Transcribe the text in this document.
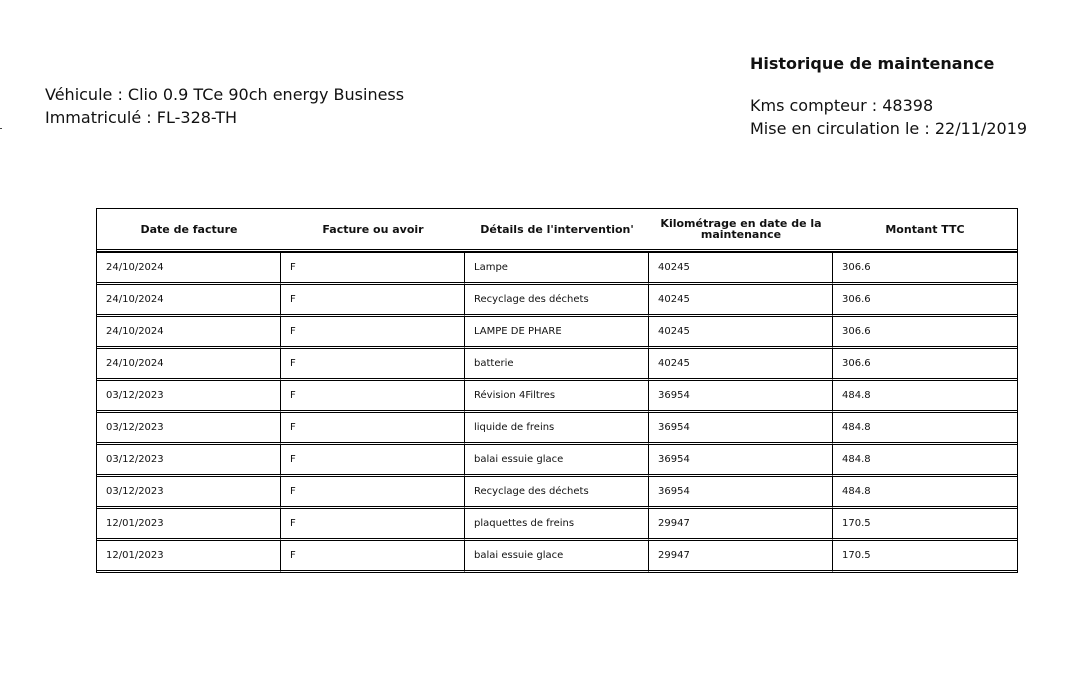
Véhicule : Clio 0.9 TCe 90ch energy Business
Immatriculé : FL-328-TH
Historique de maintenance
Kms compteur : 48398
Mise en circulation le : 22/11/2019
Date de facture	Facture ou avoir	Détails de l'intervention'	Kilométrage en date de la maintenance	Montant TTC
24/10/2024	F	Lampe	40245	306.6
24/10/2024	F	Recyclage des déchets	40245	306.6
24/10/2024	F	LAMPE DE PHARE	40245	306.6
24/10/2024	F	batterie	40245	306.6
03/12/2023	F	Révision 4Filtres	36954	484.8
03/12/2023	F	liquide de freins	36954	484.8
03/12/2023	F	balai essuie glace	36954	484.8
03/12/2023	F	Recyclage des déchets	36954	484.8
12/01/2023	F	plaquettes de freins	29947	170.5
12/01/2023	F	balai essuie glace	29947	170.5
